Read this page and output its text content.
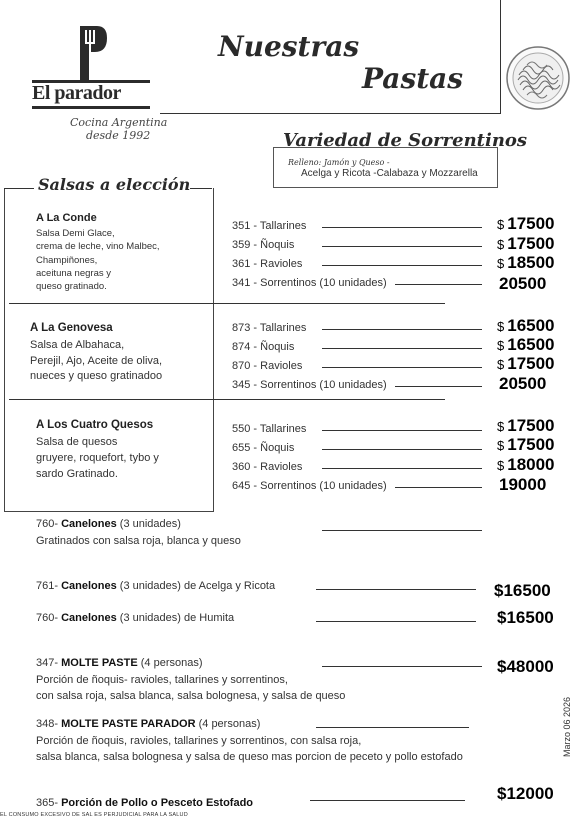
El parador
Cocina Argentina
desde 1992
Nuestras
Pastas
Variedad de Sorrentinos
Relleno: Jamón y Queso -
Acelga y Ricota -Calabaza y Mozzarella
Salsas a elección
A La Conde
Salsa Demi Glace,
crema de leche, vino Malbec,
Champiñones,
aceituna negras y
queso gratinado.
A La Genovesa
Salsa de Albahaca,
Perejil, Ajo, Aceite de oliva,
nueces y queso gratinadoo
A Los Cuatro Quesos
Salsa de quesos
gruyere, roquefort, tybo y
sardo Gratinado.
351 - Tallarines	$ 17500
359 - Ñoquis	$ 17500
361 - Ravioles	$ 18500
341 - Sorrentinos (10 unidades)	20500
873 - Tallarines	$ 16500
874 - Ñoquis	$ 16500
870 - Ravioles	$ 17500
345 - Sorrentinos (10 unidades)	20500
550 - Tallarines	$ 17500
655 - Ñoquis	$ 17500
360 - Ravioles	$ 18000
645 - Sorrentinos (10 unidades)	19000
760- Canelones (3 unidades)
Gratinados con salsa roja, blanca y queso
761- Canelones (3 unidades) de Acelga y Ricota	$16500
760- Canelones (3 unidades) de Humita	$16500
347- MOLTE PASTE (4 personas)
Porción de ñoquis- ravioles, tallarines y sorrentinos,
con salsa roja, salsa blanca, salsa bolognesa, y salsa de queso
$48000
348- MOLTE PASTE PARADOR (4 personas)
Porción de ñoquis, ravioles, tallarines y sorrentinos, con salsa roja,
salsa blanca, salsa bolognesa y salsa de queso mas porcion de peceto y pollo estofado
365- Porción de Pollo o Pesceto Estofado	$12000
Marzo 06 2026
EL CONSUMO EXCESIVO DE SAL ES PERJUDICIAL PARA LA SALUD
